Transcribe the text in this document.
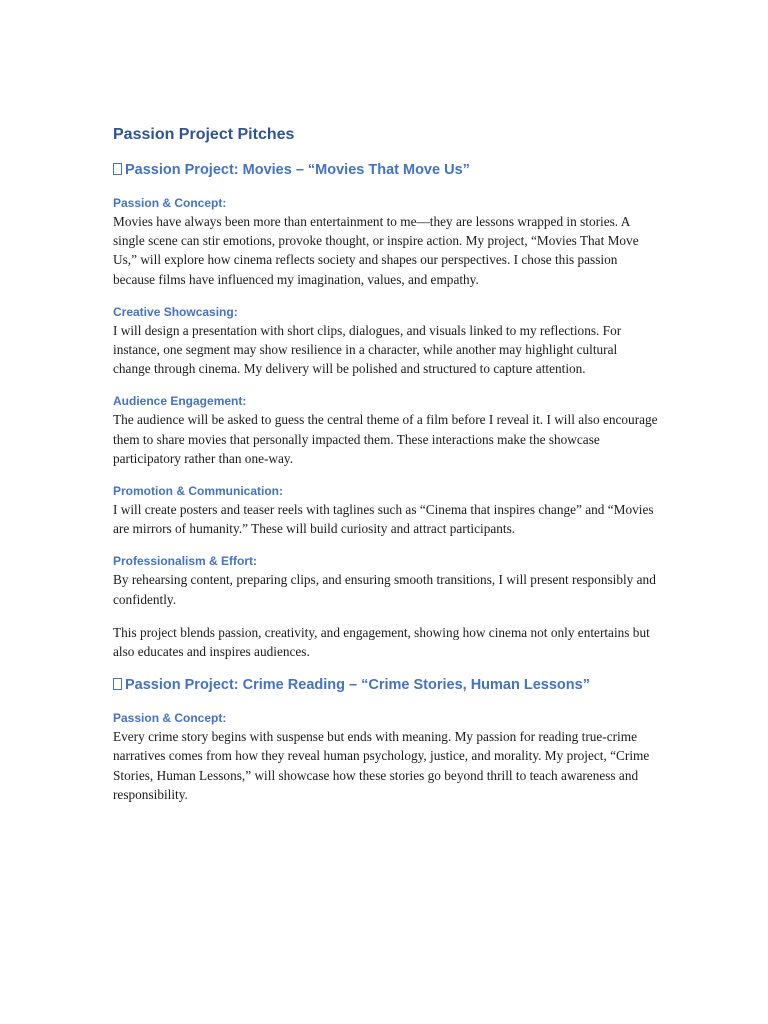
Passion Project Pitches
Passion Project: Movies – “Movies That Move Us”

Passion & Concept:

Movies have always been more than entertainment to me—they are lessons wrapped in stories. A single scene can stir emotions, provoke thought, or inspire action. My project, “Movies That Move Us,” will explore how cinema reflects society and shapes our perspectives. I chose this passion because films have influenced my imagination, values, and empathy.

Creative Showcasing:

I will design a presentation with short clips, dialogues, and visuals linked to my reflections. For instance, one segment may show resilience in a character, while another may highlight cultural change through cinema. My delivery will be polished and structured to capture attention.

Audience Engagement:

The audience will be asked to guess the central theme of a film before I reveal it. I will also encourage them to share movies that personally impacted them. These interactions make the showcase participatory rather than one-way.

Promotion & Communication:

I will create posters and teaser reels with taglines such as “Cinema that inspires change” and “Movies are mirrors of humanity.” These will build curiosity and attract participants.

Professionalism & Effort:

By rehearsing content, preparing clips, and ensuring smooth transitions, I will present responsibly and confidently.

This project blends passion, creativity, and engagement, showing how cinema not only entertains but also educates and inspires audiences.

Passion Project: Crime Reading – “Crime Stories, Human Lessons”

Passion & Concept:

Every crime story begins with suspense but ends with meaning. My passion for reading true-crime narratives comes from how they reveal human psychology, justice, and morality. My project, “Crime Stories, Human Lessons,” will showcase how these stories go beyond thrill to teach awareness and responsibility.
